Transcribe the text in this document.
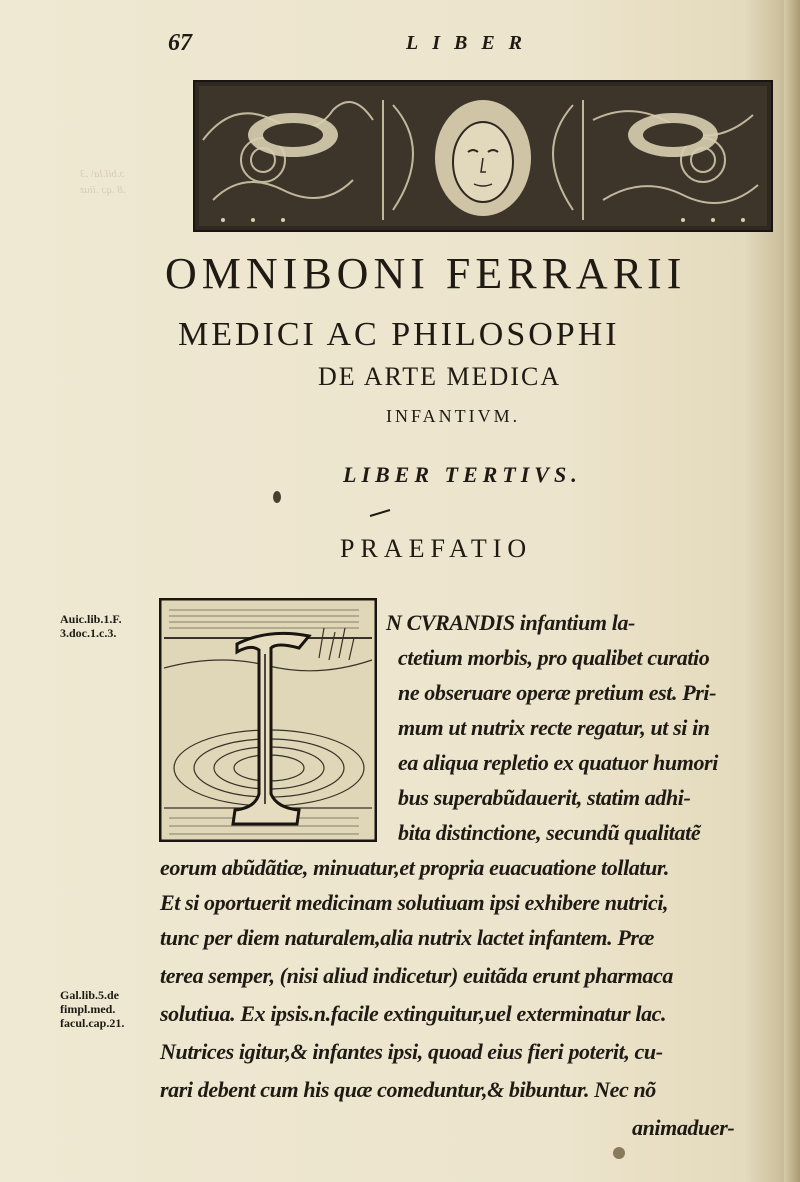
ɔ.bil.la\ .3
.8 .qɔ .iiuz
67	LIBER
OMNIBONI FERRARII
MEDICI AC PHILOSOPHI
DE ARTE MEDICA
INFANTIVM.
LIBER TERTIVS.
PRAEFATIO
Auic.lib.1.F.
3.doc.1.c.3.
Gal.lib.5.de
fimpl.med.
facul.cap.21.
N CVRANDIS infantium la-
ctetium morbis, pro qualibet curatio
ne obseruare operæ pretium est. Pri-
mum ut nutrix recte regatur, ut si in
ea aliqua repletio ex quatuor humori
bus superabũdauerit, statim adhi-
bita distinctione, secundũ qualitatẽ
eorum abũdãtiæ, minuatur,et propria euacuatione tollatur.
Et si oportuerit medicinam solutiuam ipsi exhibere nutrici,
tunc per diem naturalem,alia nutrix lactet infantem. Præ
terea semper, (nisi aliud indicetur) euitãda erunt pharmaca
solutiua. Ex ipsis.n.facile extinguitur,uel exterminatur lac.
Nutrices igitur,& infantes ipsi, quoad eius fieri poterit, cu-
rari debent cum his quæ comeduntur,& bibuntur. Nec nõ
animaduer-
